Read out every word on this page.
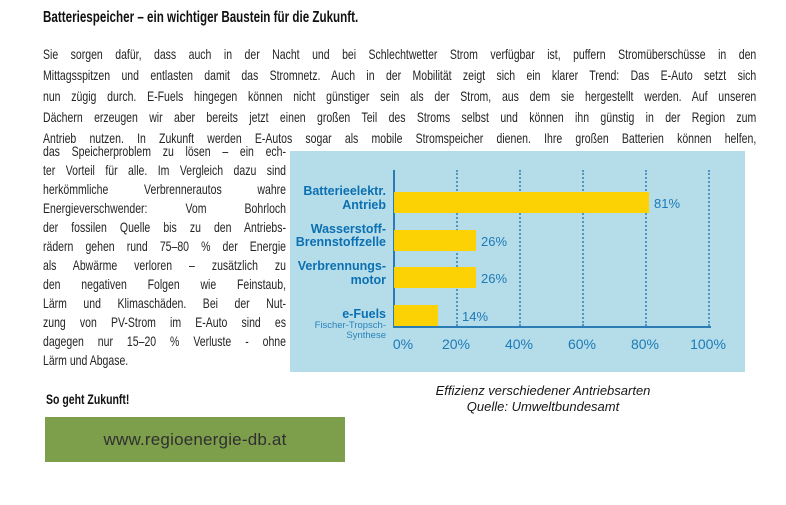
Batteriespeicher – ein wichtiger Baustein für die Zukunft.
Sie sorgen dafür, dass auch in der Nacht und bei Schlechtwetter Strom verfügbar ist, puffern Stromüberschüsse in den
Mittagsspitzen und entlasten damit das Stromnetz. Auch in der Mobilität zeigt sich ein klarer Trend: Das E-Auto setzt sich
nun zügig durch. E-Fuels hingegen können nicht günstiger sein als der Strom, aus dem sie hergestellt werden. Auf unseren
Dächern erzeugen wir aber bereits jetzt einen großen Teil des Stroms selbst und können ihn günstig in der Region zum
Antrieb nutzen. In Zukunft werden E-Autos sogar als mobile Stromspeicher dienen. Ihre großen Batterien können helfen,
das Speicherproblem zu lösen – ein ech-
ter Vorteil für alle. Im Vergleich dazu sind
herkömmliche Verbrennerautos wahre
Energieverschwender: Vom Bohrloch
der fossilen Quelle bis zu den Antriebs-
rädern gehen rund 75–80 % der Energie
als Abwärme verloren – zusätzlich zu
den negativen Folgen wie Feinstaub,
Lärm und Klimaschäden. Bei der Nut-
zung von PV-Strom im E-Auto sind es
dagegen nur 15–20 % Verluste - ohne
Lärm und Abgase.
0% 20% 40% 60% 80% 100%
81%
Batterieelektr.
Antrieb
26%
Wasserstoff-
Brennstoffzelle
26%
Verbrennungs-
motor
14%
e-Fuels
Fischer-Tropsch-
Synthese
Effizienz verschiedener Antriebsarten
Quelle: Umweltbundesamt
So geht Zukunft!
www.regioenergie-db.at
